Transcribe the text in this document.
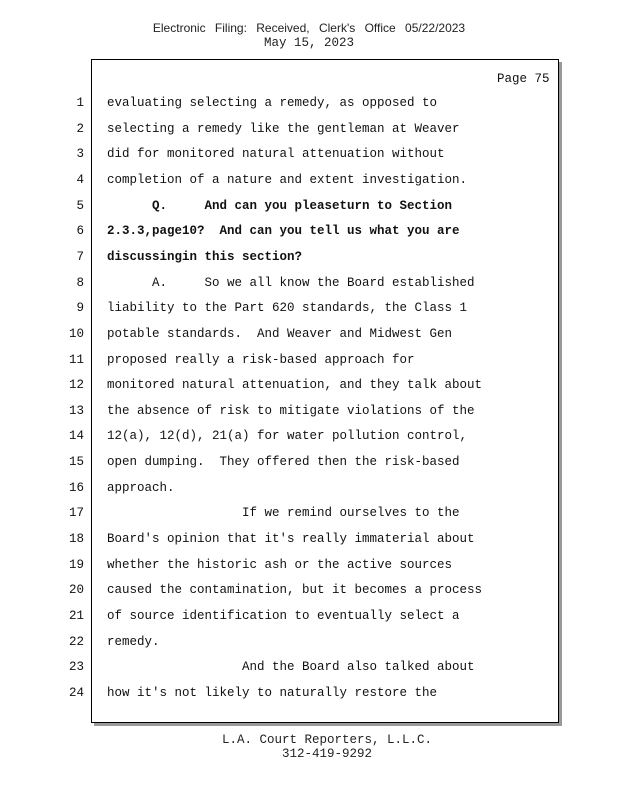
Electronic Filing: Received, Clerk's Office 05/22/2023
May 15, 2023
Page 75
1 evaluating selecting a remedy, as opposed to
2 selecting a remedy like the gentleman at Weaver
3 did for monitored natural attenuation without
4 completion of a nature and extent investigation.
5 Q.     And can you pleaseturn to Section
6 2.3.3,page10?  And can you tell us what you are
7 discussingin this section?
8 A.     So we all know the Board established
9 liability to the Part 620 standards, the Class 1
10 potable standards.  And Weaver and Midwest Gen
11 proposed really a risk-based approach for
12 monitored natural attenuation, and they talk about
13 the absence of risk to mitigate violations of the
14 12(a), 12(d), 21(a) for water pollution control,
15 open dumping.  They offered then the risk-based
16 approach.
17 If we remind ourselves to the
18 Board's opinion that it's really immaterial about
19 whether the historic ash or the active sources
20 caused the contamination, but it becomes a process
21 of source identification to eventually select a
22 remedy.
23 And the Board also talked about
24 how it's not likely to naturally restore the
L.A. Court Reporters, L.L.C.
312-419-9292
